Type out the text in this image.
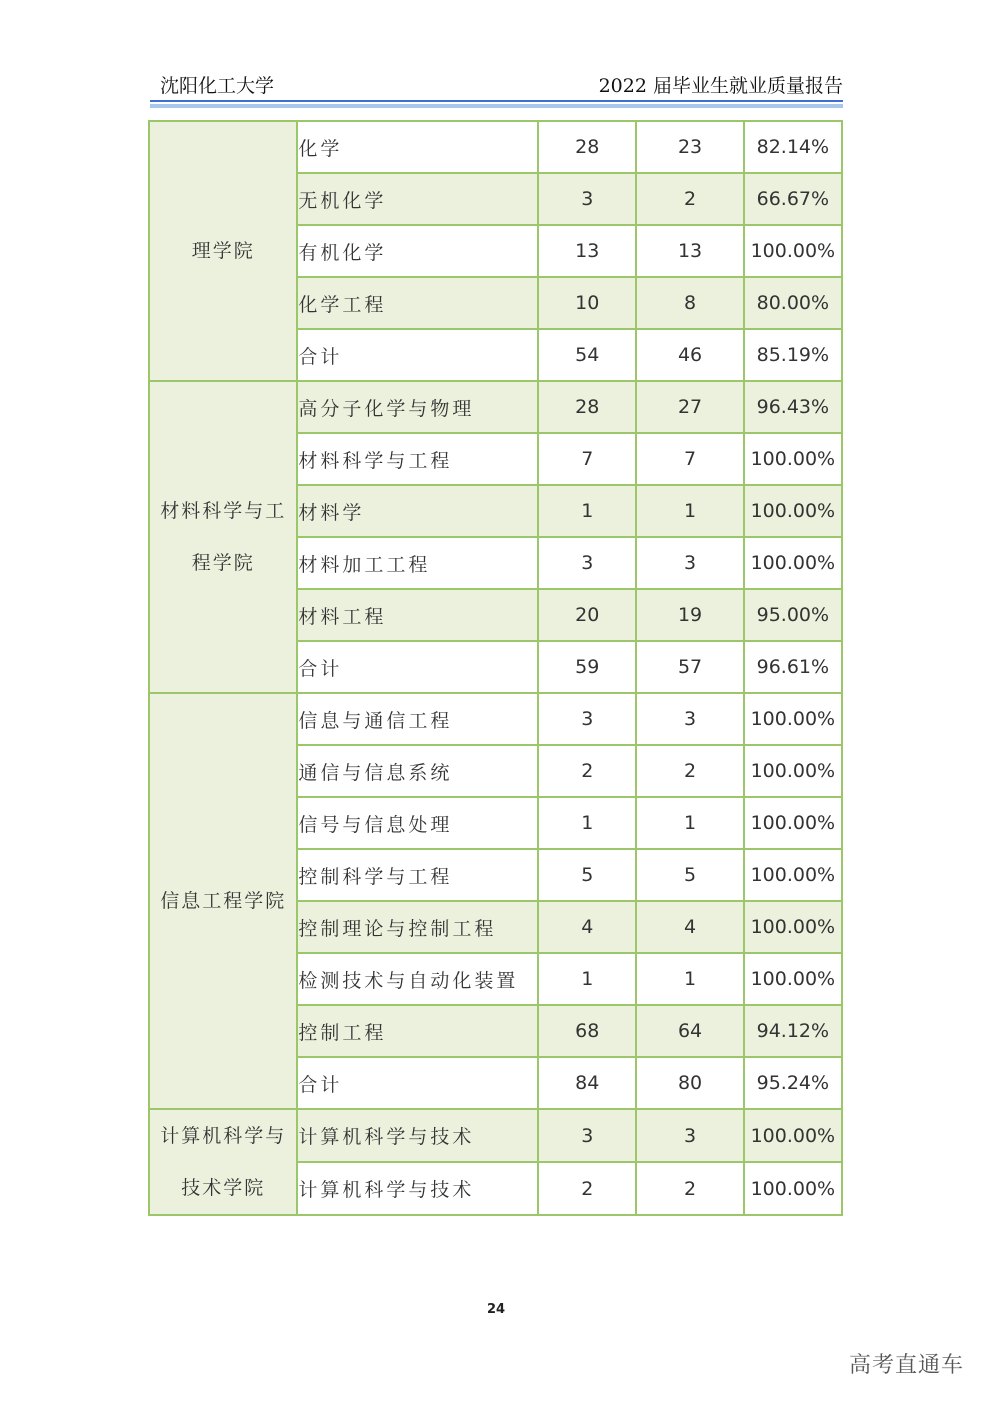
沈阳化工大学	2022 届毕业生就业质量报告
理学院	化学	28	23	82.14%
	无机化学	3	2	66.67%
	有机化学	13	13	100.00%
	化学工程	10	8	80.00%
	合计	54	46	85.19%
材料科学与工程学院	高分子化学与物理	28	27	96.43%
	材料科学与工程	7	7	100.00%
	材料学	1	1	100.00%
	材料加工工程	3	3	100.00%
	材料工程	20	19	95.00%
	合计	59	57	96.61%
信息工程学院	信息与通信工程	3	3	100.00%
	通信与信息系统	2	2	100.00%
	信号与信息处理	1	1	100.00%
	控制科学与工程	5	5	100.00%
	控制理论与控制工程	4	4	100.00%
	检测技术与自动化装置	1	1	100.00%
	控制工程	68	64	94.12%
	合计	84	80	95.24%
计算机科学与技术学院	计算机科学与技术	3	3	100.00%
	计算机科学与技术	2	2	100.00%
24
高考直通车
